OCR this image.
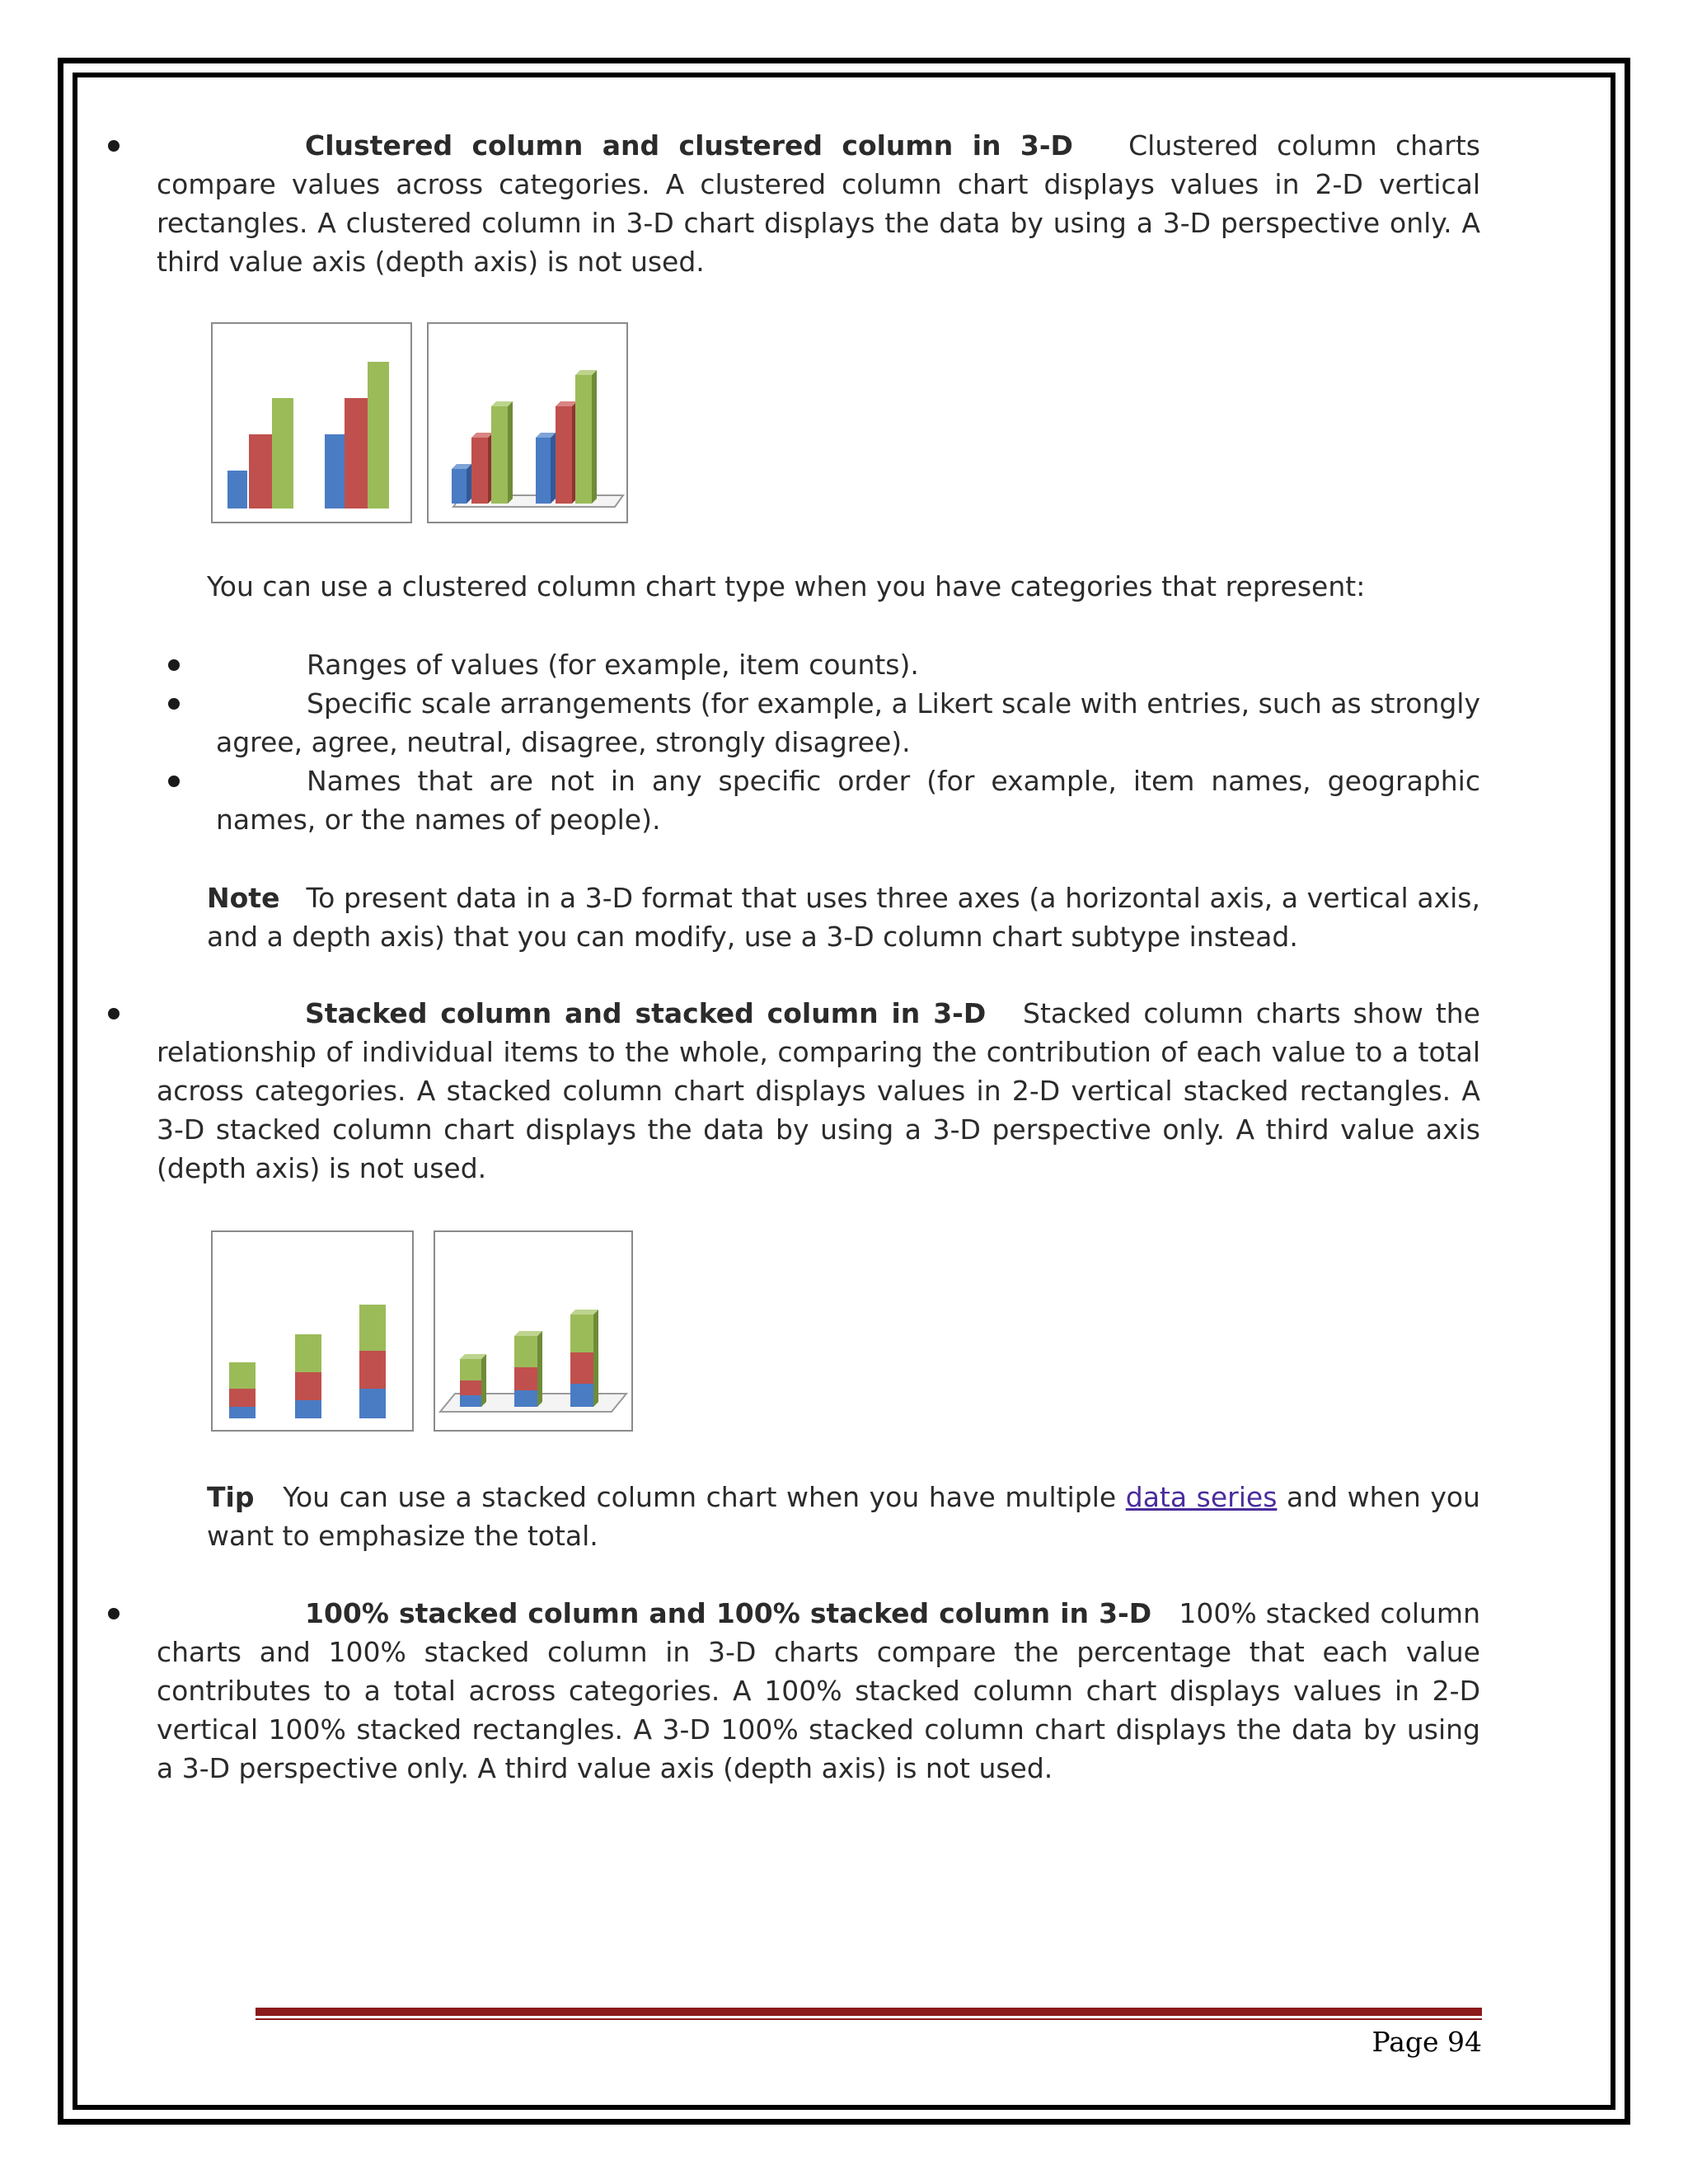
Clustered column and clustered column in 3-D Clustered column charts compare values across categories. A clustered column chart displays values in 2-D vertical rectangles. A clustered column in 3-D chart displays the data by using a 3-D perspective only. A third value axis (depth axis) is not used.

You can use a clustered column chart type when you have categories that represent:

Ranges of values (for example, item counts).

Specific scale arrangements (for example, a Likert scale with entries, such as strongly agree, agree, neutral, disagree, strongly disagree).

Names that are not in any specific order (for example, item names, geographic names, or the names of people).

Note To present data in a 3-D format that uses three axes (a horizontal axis, a vertical axis, and a depth axis) that you can modify, use a 3-D column chart subtype instead.

Stacked column and stacked column in 3-D Stacked column charts show the relationship of individual items to the whole, comparing the contribution of each value to a total across categories. A stacked column chart displays values in 2-D vertical stacked rectangles. A 3-D stacked column chart displays the data by using a 3-D perspective only. A third value axis (depth axis) is not used.

Tip You can use a stacked column chart when you have multiple data series and when you want to emphasize the total.

100% stacked column and 100% stacked column in 3-D 100% stacked column charts and 100% stacked column in 3-D charts compare the percentage that each value contributes to a total across categories. A 100% stacked column chart displays values in 2-D vertical 100% stacked rectangles. A 3-D 100% stacked column chart displays the data by using a 3-D perspective only. A third value axis (depth axis) is not used.

Page 94
